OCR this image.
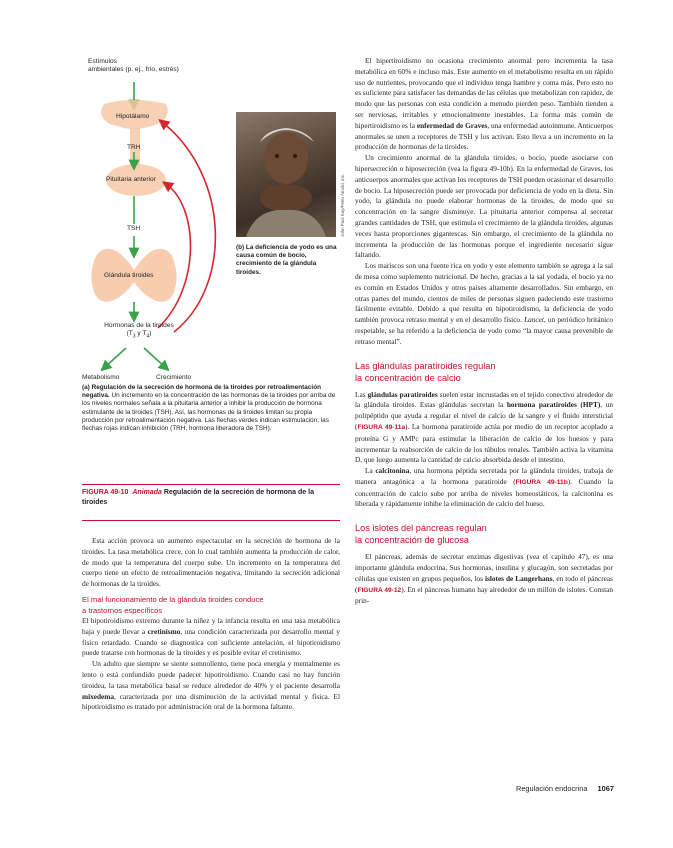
Estímulos
ambientales (p. ej., frío, estrés)
Hipotálamo
TRH
Pituitaria anterior
TSH
Glándula tiroides
Hormonas de la tiroides
($T_3$ y $T_4$)
Metabolismo	Crecimiento
John Paul Kay/Peter Arnold, Inc.
(b) La deficiencia de yodo es una causa común de bocio, crecimiento de la glándula tiroides.
(a) Regulación de la secreción de hormona de la tiroides por retroalimentación negativa. Un incremento en la concentración de las hormonas de la tiroides por arriba de los niveles normales señala a la pituitaria anterior a inhibir la producción de hormona estimulante de la tiroides (TSH). Así, las hormonas de la tiroides limitan su propia producción por retroalimentación negativa. Las flechas verdes indican estimulación; las flechas rojas indican inhibición (TRH, hormona liberadora de TSH).
FIGURA 49-10 Animada Regulación de la secreción de hormona de la tiroides

Esta acción provoca un aumento espectacular en la secreción de hormona de la tiroides. La tasa metabólica crece, con lo cual también aumenta la producción de calor, de modo que la temperatura del cuerpo sube. Un incremento en la temperatura del cuerpo tiene un efecto de retroalimentación negativa, limitando la secreción adicional de hormonas de la tiroides.

El mal funcionamiento de la glándula tiroides conduce
a trastornos específicos

El hipotiroidismo extremo durante la niñez y la infancia resulta en una tasa metabólica baja y puede llevar a cretinismo, una condición caracterizada por desarrollo mental y físico retardado. Cuando se diagnostica con suficiente antelación, el hipotiroidismo puede tratarse con hormonas de la tiroides y es posible evitar el cretinismo.

Un adulto que siempre se siente somnoliento, tiene poca energía y mentalmente es lento o está confundido puede padecer hipotiroidismo. Cuando casi no hay función tiroidea, la tasa metabólica basal se reduce alrededor de 40% y el paciente desarrolla mixedema, caracterizada por una disminución de la actividad mental y física. El hipotiroidismo es tratado por administración oral de la hormona faltante.

El hipertiroidismo no ocasiona crecimiento anormal pero incrementa la tasa metabólica en 60% e incluso más. Este aumento en el metabolismo resulta en un rápido uso de nutrientes, provocando que el individuo tenga hambre y coma más. Pero esto no es suficiente para satisfacer las demandas de las células que metabolizan con rapidez, de modo que las personas con esta condición a menudo pierden peso. También tienden a ser nerviosas, irritables y emocionalmente inestables. La forma más común de hipertiroidismo es la enfermedad de Graves, una enfermedad autoinmune. Anticuerpos anormales se unen a receptores de TSH y los activan. Esto lleva a un incremento en la producción de hormonas de la tiroides.

Un crecimiento anormal de la glándula tiroides, o bocio, puede asociarse con hipersecreción o hiposecreción (vea la figura 49-10b). En la enfermedad de Graves, los anticuerpos anormales que activan los receptores de TSH pueden ocasionar el desarrollo de bocio. La hiposecreción puede ser provocada por deficiencia de yodo en la dieta. Sin yodo, la glándula no puede elaborar hormonas de la tiroides, de modo que su concentración en la sangre disminuye. La pituitaria anterior compensa al secretar grandes cantidades de TSH, que estimula el crecimiento de la glándula tiroides, algunas veces hasta proporciones gigantescas. Sin embargo, el crecimiento de la glándula no incrementa la producción de las hormonas porque el ingrediente necesario sigue faltando.

Los mariscos son una fuente rica en yodo y este elemento también se agrega a la sal de mesa como suplemento nutricional. De hecho, gracias a la sal yodada, el bocio ya no es común en Estados Unidos y otros países altamente desarrollados. Sin embargo, en otras partes del mundo, cientos de miles de personas siguen padeciendo este trastorno fácilmente evitable. Debido a que resulta en hipotiroidismo, la deficiencia de yodo también provoca retraso mental y en el desarrollo físico. Lancet, un periódico británico respetable, se ha referido a la deficiencia de yodo como “la mayor causa prevenible de retraso mental”.

Las glándulas paratiroides regulan
la concentración de calcio

Las glándulas paratiroides suelen estar incrustadas en el tejido conectivo alrededor de la glándula tiroides. Estas glándulas secretan la hormona paratiroides (HPT), un polipéptido que ayuda a regular el nivel de calcio de la sangre y el fluido intersticial (FIGURA 49-11a). La hormona paratiroide actúa por medio de un receptor acoplado a proteína G y AMPc para estimular la liberación de calcio de los huesos y para incrementar la reabsorción de calcio de los túbulos renales. También activa la vitamina D, que luego aumenta la cantidad de calcio absorbida desde el intestino.

La calcitonina, una hormona péptida secretada por la glándula tiroides, trabaja de manera antagónica a la hormona paratiroide (FIGURA 49-11b). Cuando la concentración de calcio sube por arriba de niveles homeostáticos, la calcitonina es liberada y rápidamente inhibe la eliminación de calcio del hueso.

Los islotes del páncreas regulan
la concentración de glucosa

El páncreas, además de secretar enzimas digestivas (vea el capítulo 47), es una importante glándula endocrina. Sus hormonas, insulina y glucagón, son secretadas por células que existen en grupos pequeños, los islotes de Langerhans, en todo el páncreas (FIGURA 49-12). En el páncreas humano hay alrededor de un millón de islotes. Constan prin-

Regulación endocrina 1067
